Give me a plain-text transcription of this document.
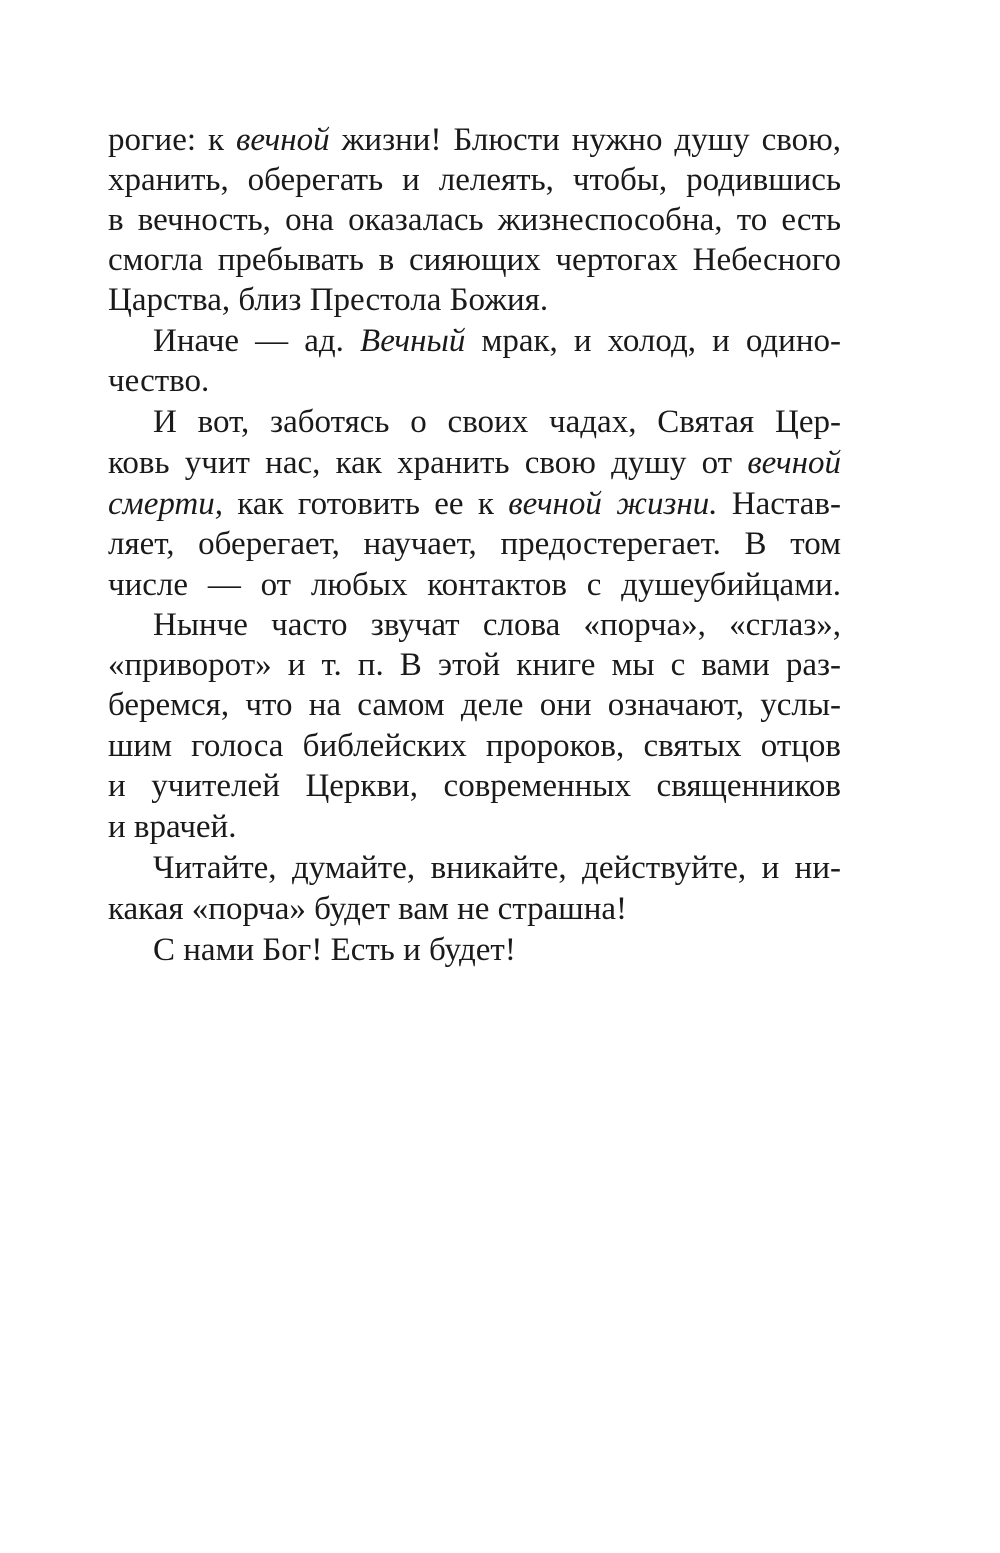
рогие: к вечной жизни! Блюсти нужно душу свою,
хранить, оберегать и лелеять, чтобы, родившись
в вечность, она оказалась жизнеспособна, то есть
смогла пребывать в сияющих чертогах Небесного
Царства, близ Престола Божия.
Иначе — ад. Вечный мрак, и холод, и одино-
чество.
И вот, заботясь о своих чадах, Святая Цер-
ковь учит нас, как хранить свою душу от вечной
смерти, как готовить ее к вечной жизни. Настав-
ляет, оберегает, научает, предостерегает. В том
числе — от любых контактов с душеубийцами.
Нынче часто звучат слова «порча», «сглаз»,
«приворот» и т. п. В этой книге мы с вами раз-
беремся, что на самом деле они означают, услы-
шим голоса библейских пророков, святых отцов
и учителей Церкви, современных священников
и врачей.
Читайте, думайте, вникайте, действуйте, и ни-
какая «порча» будет вам не страшна!
С нами Бог! Есть и будет!
